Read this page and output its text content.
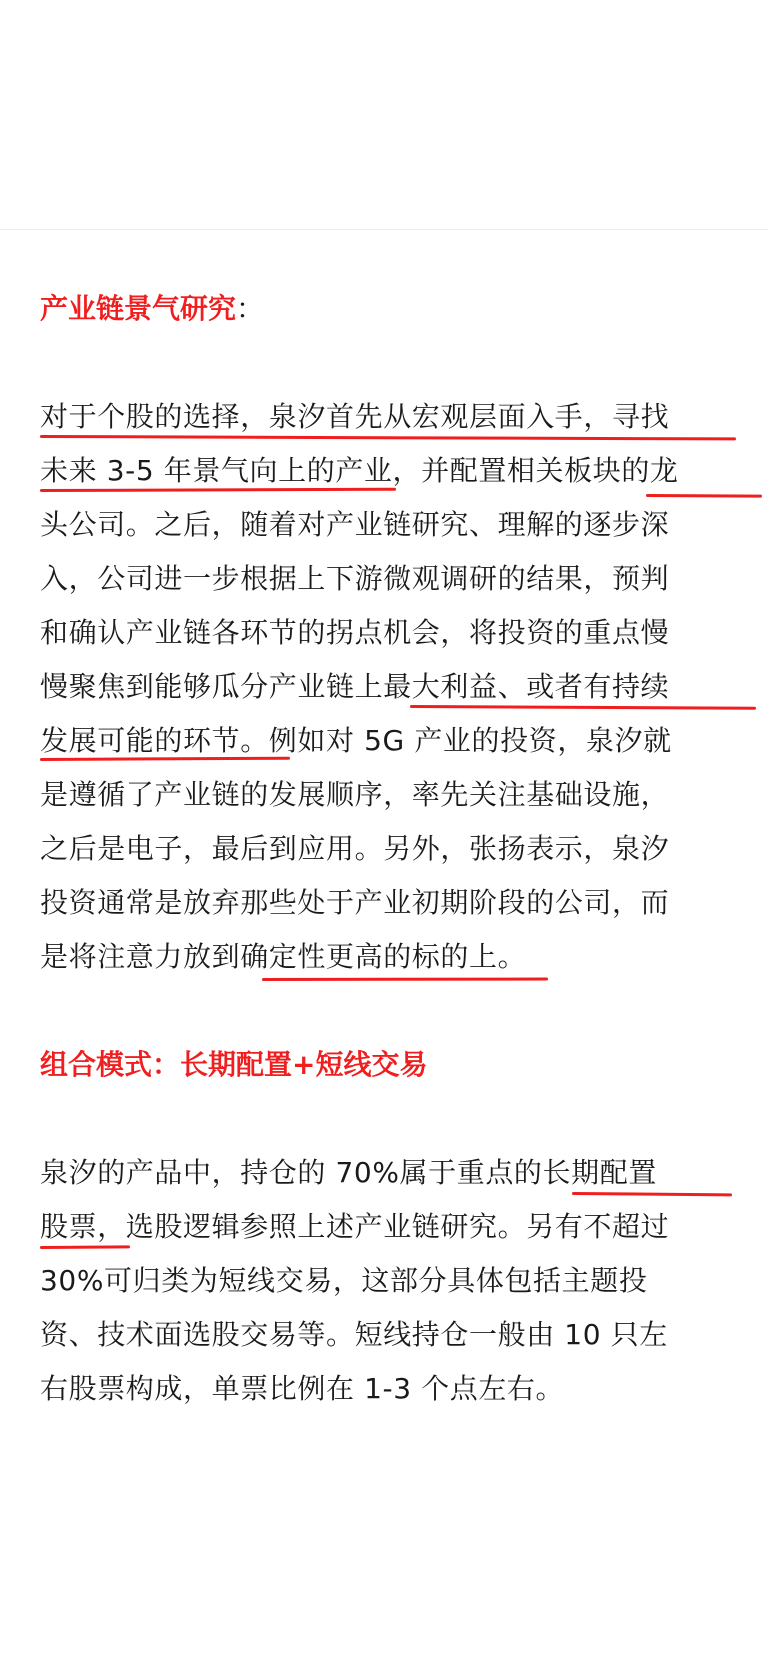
产业链景气研究：

对于个股的选择，泉汐首先从宏观层面入手，寻找
未来 3-5 年景气向上的产业，并配置相关板块的龙
头公司。之后，随着对产业链研究、理解的逐步深
入，公司进一步根据上下游微观调研的结果，预判
和确认产业链各环节的拐点机会，将投资的重点慢
慢聚焦到能够瓜分产业链上最大利益、或者有持续
发展可能的环节。例如对 5G 产业的投资，泉汐就
是遵循了产业链的发展顺序，率先关注基础设施，
之后是电子，最后到应用。另外，张扬表示，泉汐
投资通常是放弃那些处于产业初期阶段的公司，而
是将注意力放到确定性更高的标的上。

组合模式：长期配置+短线交易

泉汐的产品中，持仓的 70%属于重点的长期配置
股票，选股逻辑参照上述产业链研究。另有不超过
30%可归类为短线交易，这部分具体包括主题投
资、技术面选股交易等。短线持仓一般由 10 只左
右股票构成，单票比例在 1-3 个点左右。
